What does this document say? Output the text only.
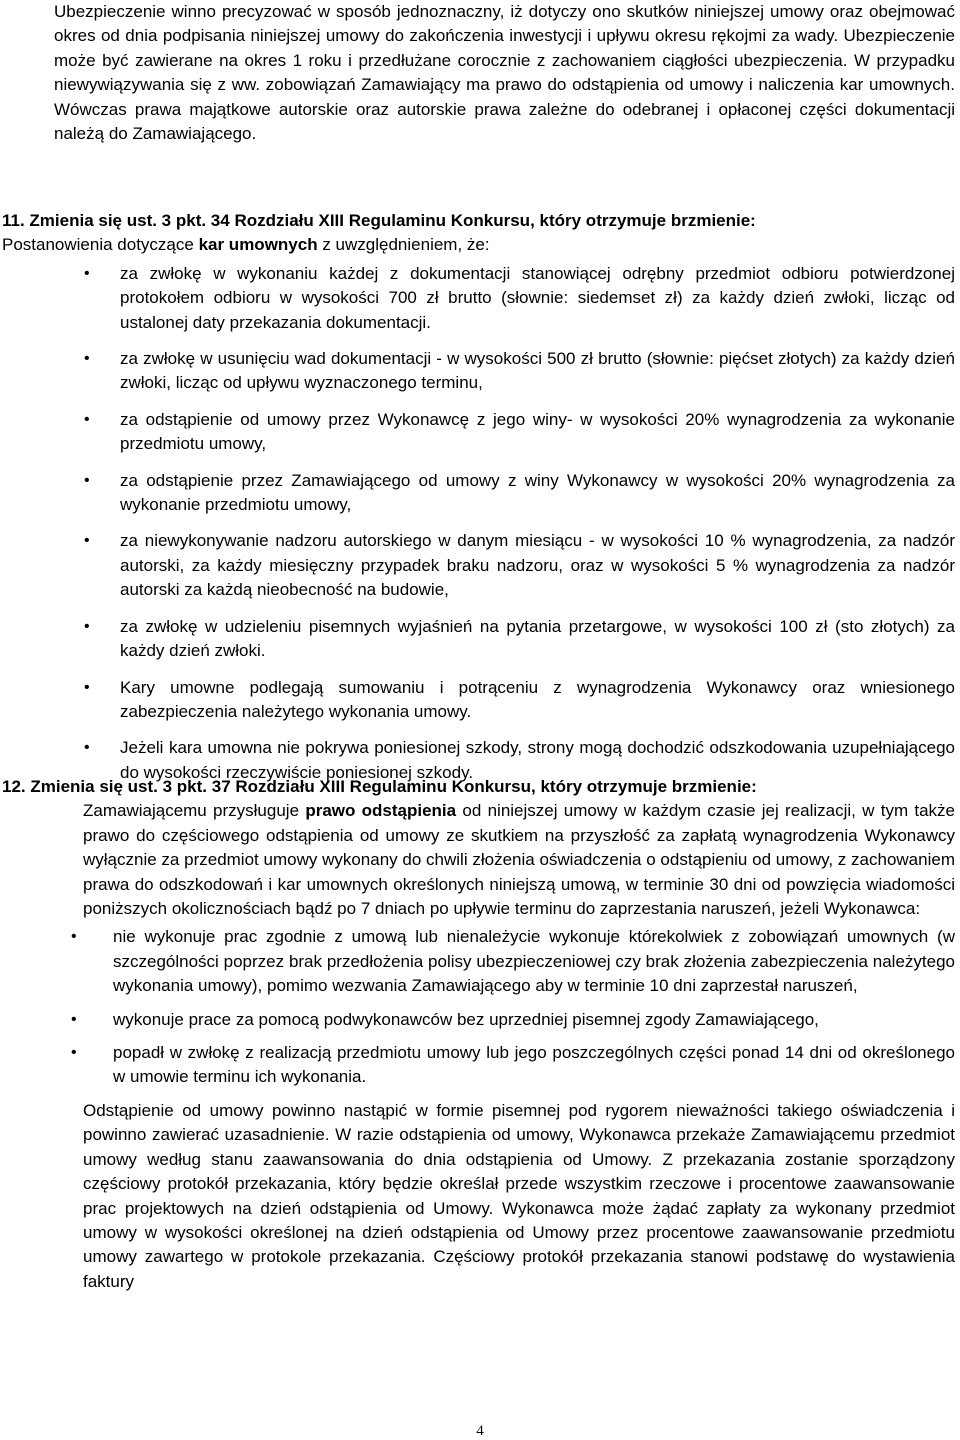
Ubezpieczenie winno precyzować w sposób jednoznaczny, iż dotyczy ono skutków niniejszej umowy oraz obejmować okres od dnia podpisania niniejszej umowy do zakończenia inwestycji i upływu okresu rękojmi za wady. Ubezpieczenie może być zawierane na okres 1 roku i przedłużane corocznie z zachowaniem ciągłości ubezpieczenia. W przypadku niewywiązywania się z ww. zobowiązań Zamawiający ma prawo do odstąpienia od umowy i naliczenia kar umownych. Wówczas prawa majątkowe autorskie oraz autorskie prawa zależne do odebranej i opłaconej części dokumentacji należą do Zamawiającego.

11. Zmienia się ust. 3 pkt. 34 Rozdziału XIII Regulaminu Konkursu, który otrzymuje brzmienie:

Postanowienia dotyczące kar umownych z uwzględnieniem, że:

• za zwłokę w wykonaniu każdej z dokumentacji stanowiącej odrębny przedmiot odbioru potwierdzonej protokołem odbioru w wysokości 700 zł brutto (słownie: siedemset zł) za każdy dzień zwłoki, licząc od ustalonej daty przekazania dokumentacji.
• za zwłokę w usunięciu wad dokumentacji - w wysokości 500 zł brutto (słownie: pięćset złotych) za każdy dzień zwłoki, licząc od upływu wyznaczonego terminu,
• za odstąpienie od umowy przez Wykonawcę z jego winy- w wysokości 20% wynagrodzenia za wykonanie przedmiotu umowy,
• za odstąpienie przez Zamawiającego od umowy z winy Wykonawcy w wysokości 20% wynagrodzenia za wykonanie przedmiotu umowy,
• za niewykonywanie nadzoru autorskiego w danym miesiącu - w wysokości 10 % wynagrodzenia, za nadzór autorski, za każdy miesięczny przypadek braku nadzoru, oraz w wysokości 5 % wynagrodzenia za nadzór autorski za każdą nieobecność na budowie,
• za zwłokę w udzieleniu pisemnych wyjaśnień na pytania przetargowe, w wysokości 100 zł (sto złotych) za każdy dzień zwłoki.
• Kary umowne podlegają sumowaniu i potrąceniu z wynagrodzenia Wykonawcy oraz wniesionego zabezpieczenia należytego wykonania umowy.
• Jeżeli kara umowna nie pokrywa poniesionej szkody, strony mogą dochodzić odszkodowania uzupełniającego do wysokości rzeczywiście poniesionej szkody.

12. Zmienia się ust. 3 pkt. 37 Rozdziału XIII Regulaminu Konkursu, który otrzymuje brzmienie:

Zamawiającemu przysługuje prawo odstąpienia od niniejszej umowy w każdym czasie jej realizacji, w tym także prawo do częściowego odstąpienia od umowy ze skutkiem na przyszłość za zapłatą wynagrodzenia Wykonawcy wyłącznie za przedmiot umowy wykonany do chwili złożenia oświadczenia o odstąpieniu od umowy, z zachowaniem prawa do odszkodowań i kar umownych określonych niniejszą umową, w terminie 30 dni od powzięcia wiadomości poniższych okolicznościach bądź po 7 dniach po upływie terminu do zaprzestania naruszeń, jeżeli Wykonawca:

• nie wykonuje prac zgodnie z umową lub nienależycie wykonuje którekolwiek z zobowiązań umownych (w szczególności poprzez brak przedłożenia polisy ubezpieczeniowej czy brak złożenia zabezpieczenia należytego wykonania umowy), pomimo wezwania Zamawiającego aby w terminie 10 dni zaprzestał naruszeń,
• wykonuje prace za pomocą podwykonawców bez uprzedniej pisemnej zgody Zamawiającego,
• popadł w zwłokę z realizacją przedmiotu umowy lub jego poszczególnych części ponad 14 dni od określonego w umowie terminu ich wykonania.

Odstąpienie od umowy powinno nastąpić w formie pisemnej pod rygorem nieważności takiego oświadczenia i powinno zawierać uzasadnienie. W razie odstąpienia od umowy, Wykonawca przekaże Zamawiającemu przedmiot umowy według stanu zaawansowania do dnia odstąpienia od Umowy. Z przekazania zostanie sporządzony częściowy protokół przekazania, który będzie określał przede wszystkim rzeczowe i procentowe zaawansowanie prac projektowych na dzień odstąpienia od Umowy. Wykonawca może żądać zapłaty za wykonany przedmiot umowy w wysokości określonej na dzień odstąpienia od Umowy przez procentowe zaawansowanie przedmiotu umowy zawartego w protokole przekazania. Częściowy protokół przekazania stanowi podstawę do wystawienia faktury

4
